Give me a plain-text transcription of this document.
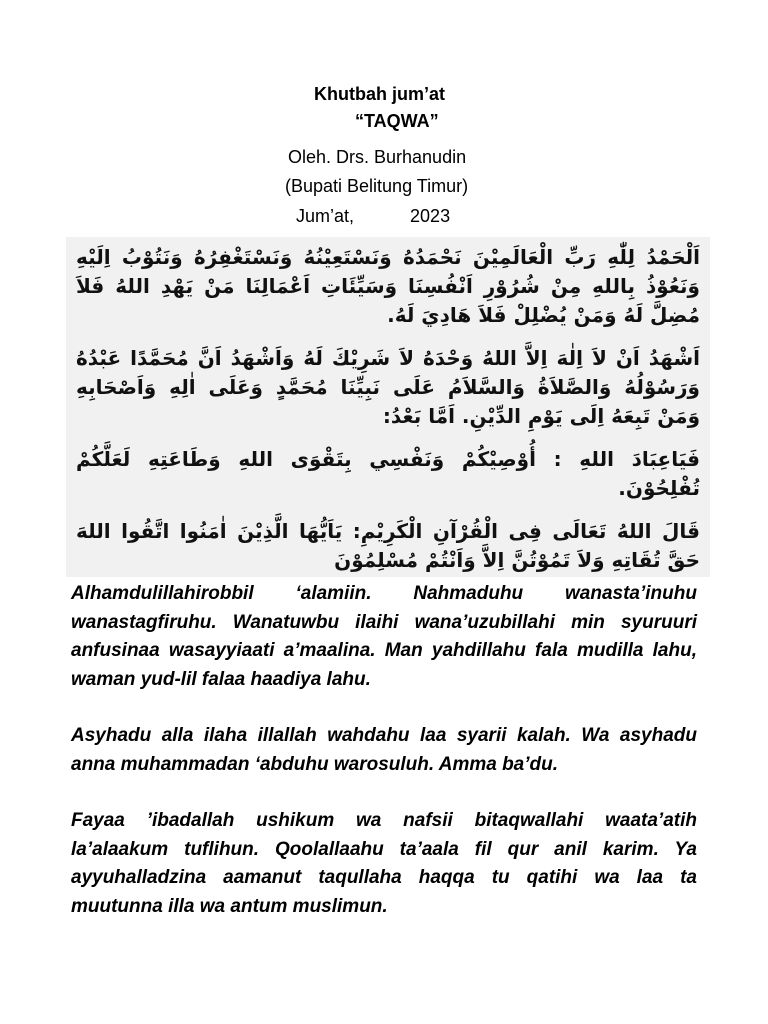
Khutbah jum’at
“TAQWA”
Oleh. Drs. Burhanudin
(Bupati Belitung Timur)
Jum’at,	2023

اَلْحَمْدُ لِلّٰهِ رَبِّ الْعَالَمِيْنَ نَحْمَدُهُ وَنَسْتَعِيْنُهُ وَنَسْتَغْفِرُهُ وَنَتُوْبُ اِلَيْهِ وَنَعُوْذُ بِاللهِ مِنْ شُرُوْرِ اَنْفُسِنَا وَسَيِّئَاتِ اَعْمَالِنَا مَنْ يَهْدِ اللهُ فَلاَ مُضِلَّ لَهُ وَمَنْ يُضْلِلْ فَلاَ هَادِيَ لَهُ.

اَشْهَدُ اَنْ لاَ اِلٰهَ اِلاَّ اللهُ وَحْدَهُ لاَ شَرِيْكَ لَهُ وَاَشْهَدُ اَنَّ مُحَمَّدًا عَبْدُهُ وَرَسُوْلُهُ وَالصَّلاَةُ وَالسَّلاَمُ عَلَى نَبِيِّنَا مُحَمَّدٍ وَعَلَى اٰلِهِ وَاَصْحَابِهِ وَمَنْ تَبِعَهُ اِلَى يَوْمِ الدِّيْنِ. اَمَّا بَعْدُ:

فَيَاعِبَادَ اللهِ : أُوْصِيْكُمْ وَنَفْسِي بِتَقْوَى اللهِ وَطَاعَتِهِ لَعَلَّكُمْ تُفْلِحُوْنَ.

قَالَ اللهُ تَعَالَى فِى الْقُرْآنِ الْكَرِيْمِ: يَاَيُّهَا الَّذِيْنَ اٰمَنُوا اتَّقُوا اللهَ حَقَّ تُقَاتِهِ وَلاَ تَمُوْتُنَّ اِلاَّ وَاَنْتُمْ مُسْلِمُوْنَ

Alhamdulillahirobbil ‘alamiin. Nahmaduhu wanasta’inuhu wanastagfiruhu. Wanatuwbu ilaihi wana’uzubillahi min syuruuri anfusinaa wasayyiaati a’maalina. Man yahdillahu fala mudilla lahu, waman yud-lil falaa haadiya lahu.

Asyhadu alla ilaha illallah wahdahu laa syarii kalah. Wa asyhadu anna muhammadan ‘abduhu warosuluh. Amma ba’du.

Fayaa ’ibadallah ushikum wa nafsii bitaqwallahi waata’atih la’alaakum tuflihun. Qoolallaahu ta’aala fil qur anil karim. Ya ayyuhalladzina aamanut taqullaha haqqa tu qatihi wa laa ta muutunna illa wa antum muslimun.
